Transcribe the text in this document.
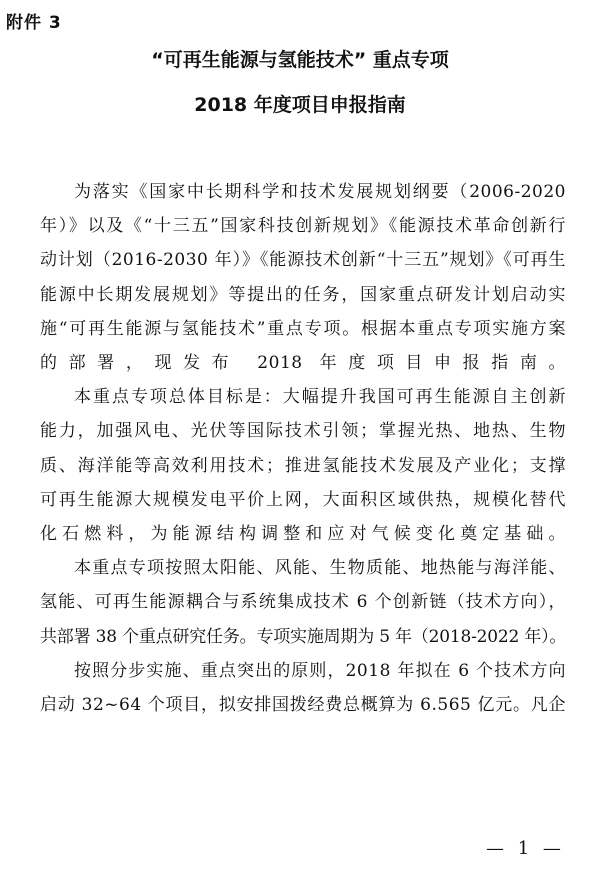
附件 3
“可再生能源与氢能技术” 重点专项
2018 年度项目申报指南
为落实《国家中长期科学和技术发展规划纲要（2006-2020
年）》以及《“十三五”国家科技创新规划》《能源技术革命创新行
动计划（2016-2030 年）》《能源技术创新“十三五”规划》《可再生
能源中长期发展规划》等提出的任务，国家重点研发计划启动实
施“可再生能源与氢能技术”重点专项。根据本重点专项实施方案
的部署，现发布 2018 年度项目申报指南。
本重点专项总体目标是：大幅提升我国可再生能源自主创新
能力，加强风电、光伏等国际技术引领；掌握光热、地热、生物
质、海洋能等高效利用技术；推进氢能技术发展及产业化；支撑
可再生能源大规模发电平价上网，大面积区域供热，规模化替代
化石燃料，为能源结构调整和应对气候变化奠定基础。
本重点专项按照太阳能、风能、生物质能、地热能与海洋能、
氢能、可再生能源耦合与系统集成技术 6 个创新链（技术方向），
共部署 38 个重点研究任务。专项实施周期为 5 年（2018-2022 年）。
按照分步实施、重点突出的原则，2018 年拟在 6 个技术方向
启动 32~64 个项目，拟安排国拨经费总概算为 6.565 亿元。凡企
— 1 —
